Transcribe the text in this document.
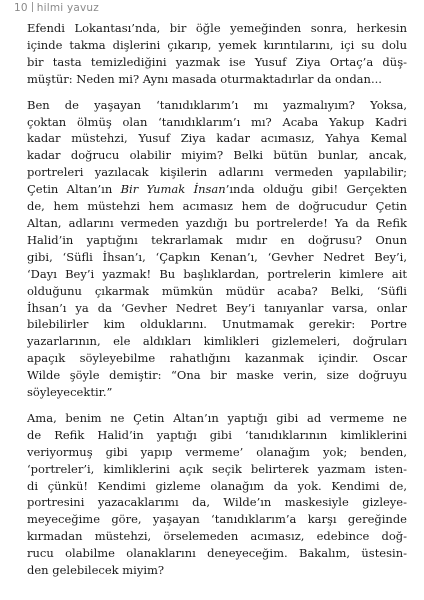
10 hilmi yavuz
Efendi Lokantası’nda, bir öğle yemeğinden sonra, herkesin
içinde takma dişlerini çıkarıp, yemek kırıntılarını, içi su dolu
bir tasta temizlediğini yazmak ise Yusuf Ziya Ortaç’a düş-
müştür: Neden mi? Aynı masada oturmaktadırlar da ondan...
Ben de yaşayan ‘tanıdıklarım’ı mı yazmalıyım? Yoksa,
çoktan ölmüş olan ‘tanıdıklarım’ı mı? Acaba Yakup Kadri
kadar müstehzi, Yusuf Ziya kadar acımasız, Yahya Kemal
kadar doğrucu olabilir miyim? Belki bütün bunlar, ancak,
portreleri yazılacak kişilerin adlarını vermeden yapılabilir;
Çetin Altan’ın Bir Yumak İnsan’ında olduğu gibi! Gerçekten
de, hem müstehzi hem acımasız hem de doğrucudur Çetin
Altan, adlarını vermeden yazdığı bu portrelerde! Ya da Refik
Halid’in yaptığını tekrarlamak mıdır en doğrusu? Onun
gibi, ‘Süfli İhsan’ı, ‘Çapkın Kenan’ı, ‘Gevher Nedret Bey’i,
‘Dayı Bey’i yazmak! Bu başlıklardan, portrelerin kimlere ait
olduğunu çıkarmak mümkün müdür acaba? Belki, ‘Süfli
İhsan’ı ya da ‘Gevher Nedret Bey’i tanıyanlar varsa, onlar
bilebilirler kim olduklarını. Unutmamak gerekir: Portre
yazarlarının, ele aldıkları kimlikleri gizlemeleri, doğruları
apaçık söyleyebilme rahatlığını kazanmak içindir. Oscar
Wilde şöyle demiştir: “Ona bir maske verin, size doğruyu
söyleyecektir.”
Ama, benim ne Çetin Altan’ın yaptığı gibi ad vermeme ne
de Refik Halid’in yaptığı gibi ‘tanıdıklarının kimliklerini
veriyormuş gibi yapıp vermeme’ olanağım yok; benden,
‘portreler’i, kimliklerini açık seçik belirterek yazmam isten-
di çünkü! Kendimi gizleme olanağım da yok. Kendimi de,
portresini yazacaklarımı da, Wilde’ın maskesiyle gizleye-
meyeceğime göre, yaşayan ‘tanıdıklarım’a karşı gereğinde
kırmadan müstehzi, örselemeden acımasız, edebince doğ-
rucu olabilme olanaklarını deneyeceğim. Bakalım, üstesin-
den gelebilecek miyim?
